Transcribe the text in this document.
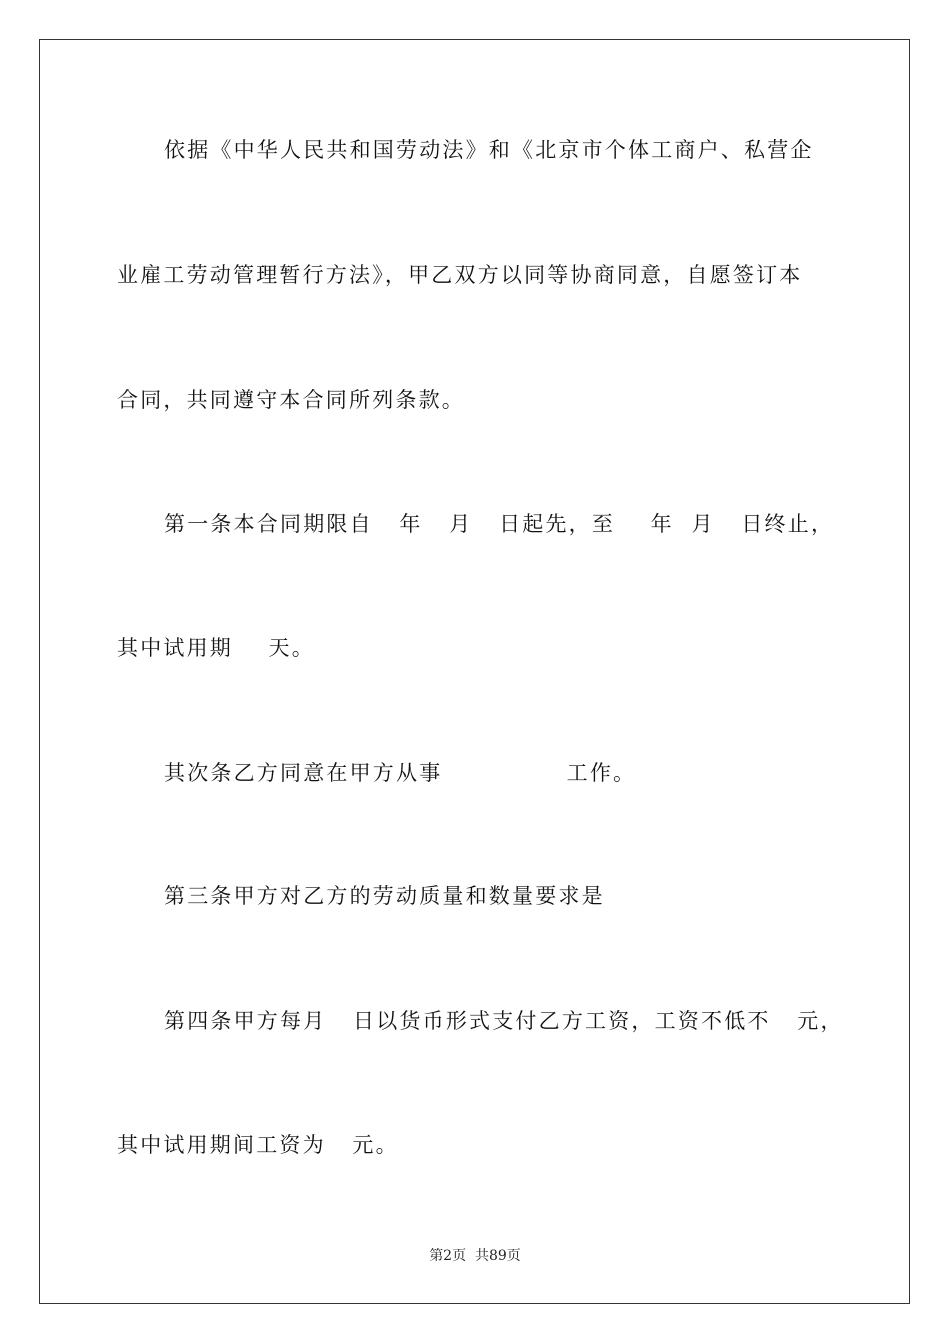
依据《中华人民共和国劳动法》和《北京市个体工商户、私营企
业雇工劳动管理暂行方法》，甲乙双方以同等协商同意，自愿签订本
合同，共同遵守本合同所列条款。
第一条本合同期限自   年   月   日起先，至    年  月   日终止，
其中试用期    天。
其次条乙方同意在甲方从事              工作。
第三条甲方对乙方的劳动质量和数量要求是
第四条甲方每月   日以货币形式支付乙方工资，工资不低不   元，
其中试用期间工资为   元。
第2页  共89页
